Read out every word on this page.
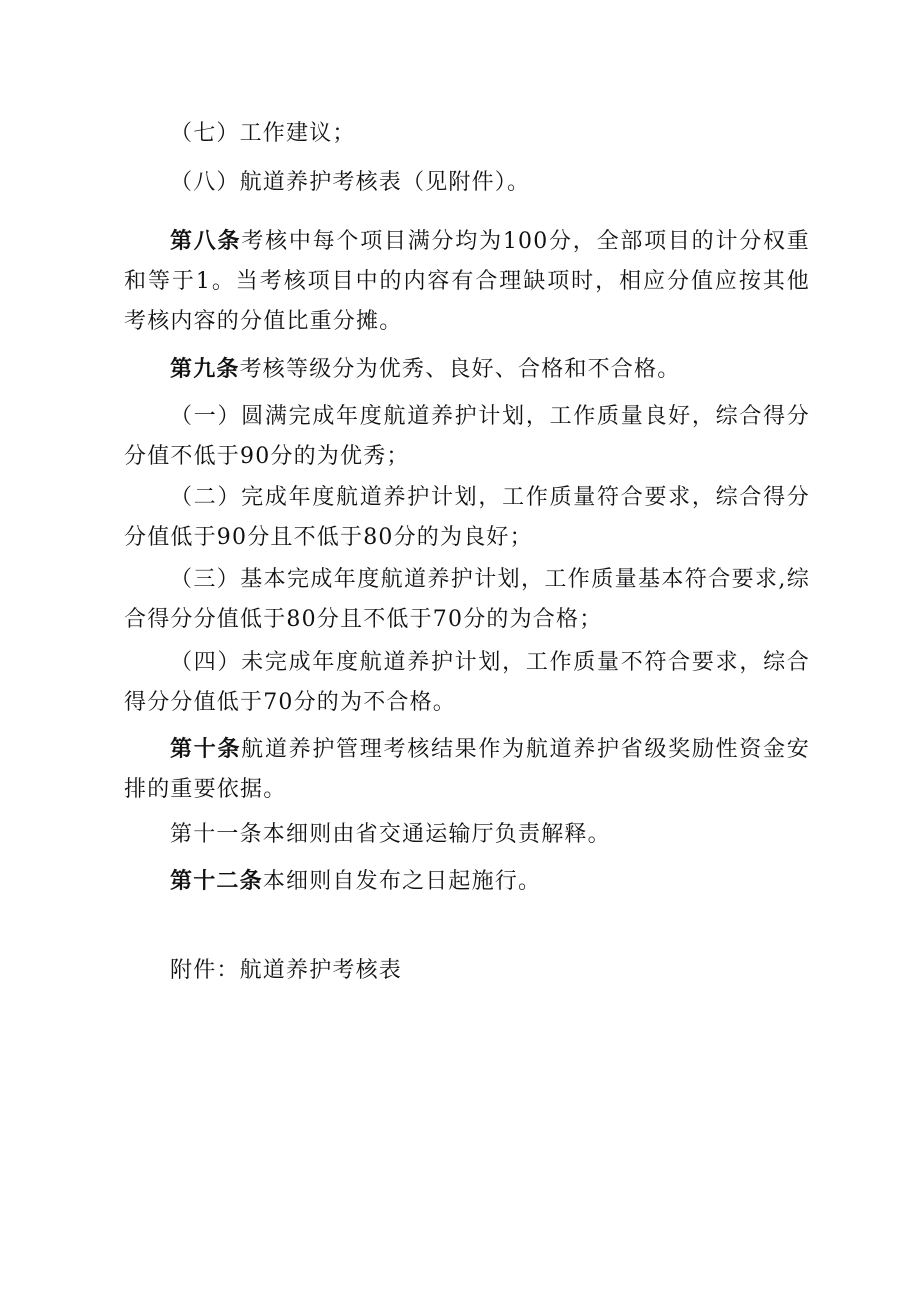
（七）工作建议；

（八）航道养护考核表（见附件）。

第八条考核中每个项目满分均为100分，全部项目的计分权重和等于1。当考核项目中的内容有合理缺项时，相应分值应按其他考核内容的分值比重分摊。

第九条考核等级分为优秀、良好、合格和不合格。

（一）圆满完成年度航道养护计划，工作质量良好，综合得分分值不低于90分的为优秀；

（二）完成年度航道养护计划，工作质量符合要求，综合得分分值低于90分且不低于80分的为良好；

（三）基本完成年度航道养护计划，工作质量基本符合要求,综合得分分值低于80分且不低于70分的为合格；

（四）未完成年度航道养护计划，工作质量不符合要求，综合得分分值低于70分的为不合格。

第十条航道养护管理考核结果作为航道养护省级奖励性资金安排的重要依据。

第十一条本细则由省交通运输厅负责解释。

第十二条本细则自发布之日起施行。

附件：航道养护考核表
